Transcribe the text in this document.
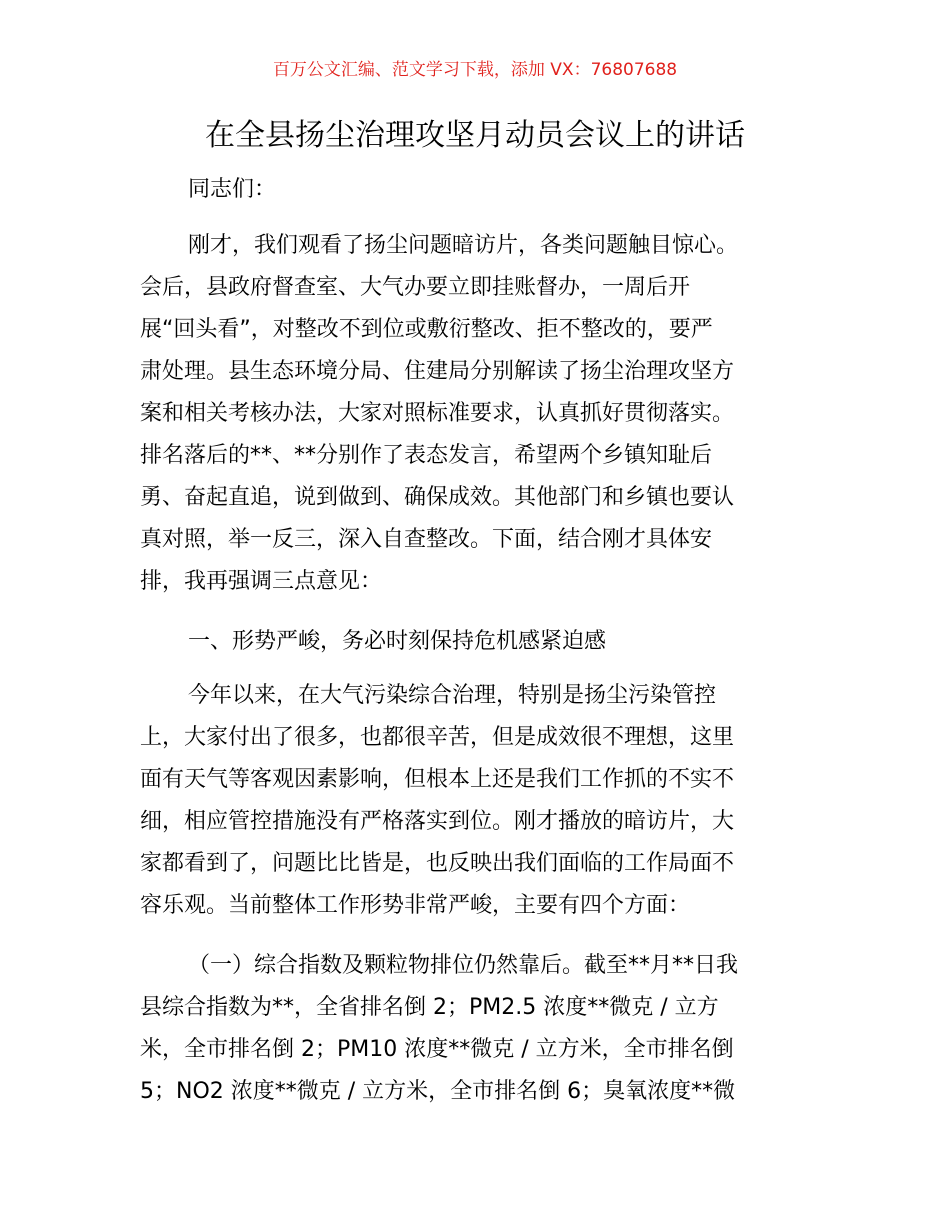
百万公文汇编、范文学习下载，添加 VX：76807688
在全县扬尘治理攻坚月动员会议上的讲话
同志们：
刚才，我们观看了扬尘问题暗访片，各类问题触目惊心。
会后，县政府督查室、大气办要立即挂账督办，一周后开
展“回头看”，对整改不到位或敷衍整改、拒不整改的，要严
肃处理。县生态环境分局、住建局分别解读了扬尘治理攻坚方
案和相关考核办法，大家对照标准要求，认真抓好贯彻落实。
排名落后的**、**分别作了表态发言，希望两个乡镇知耻后
勇、奋起直追，说到做到、确保成效。其他部门和乡镇也要认
真对照，举一反三，深入自查整改。下面，结合刚才具体安
排，我再强调三点意见：
一、形势严峻，务必时刻保持危机感紧迫感
今年以来，在大气污染综合治理，特别是扬尘污染管控
上，大家付出了很多，也都很辛苦，但是成效很不理想，这里
面有天气等客观因素影响，但根本上还是我们工作抓的不实不
细，相应管控措施没有严格落实到位。刚才播放的暗访片，大
家都看到了，问题比比皆是，也反映出我们面临的工作局面不
容乐观。当前整体工作形势非常严峻，主要有四个方面：
（一）综合指数及颗粒物排位仍然靠后。截至**月**日我
县综合指数为**，全省排名倒 2；PM2.5 浓度**微克 / 立方
米，全市排名倒 2；PM10 浓度**微克 / 立方米，全市排名倒
5；NO2 浓度**微克 / 立方米，全市排名倒 6；臭氧浓度**微
